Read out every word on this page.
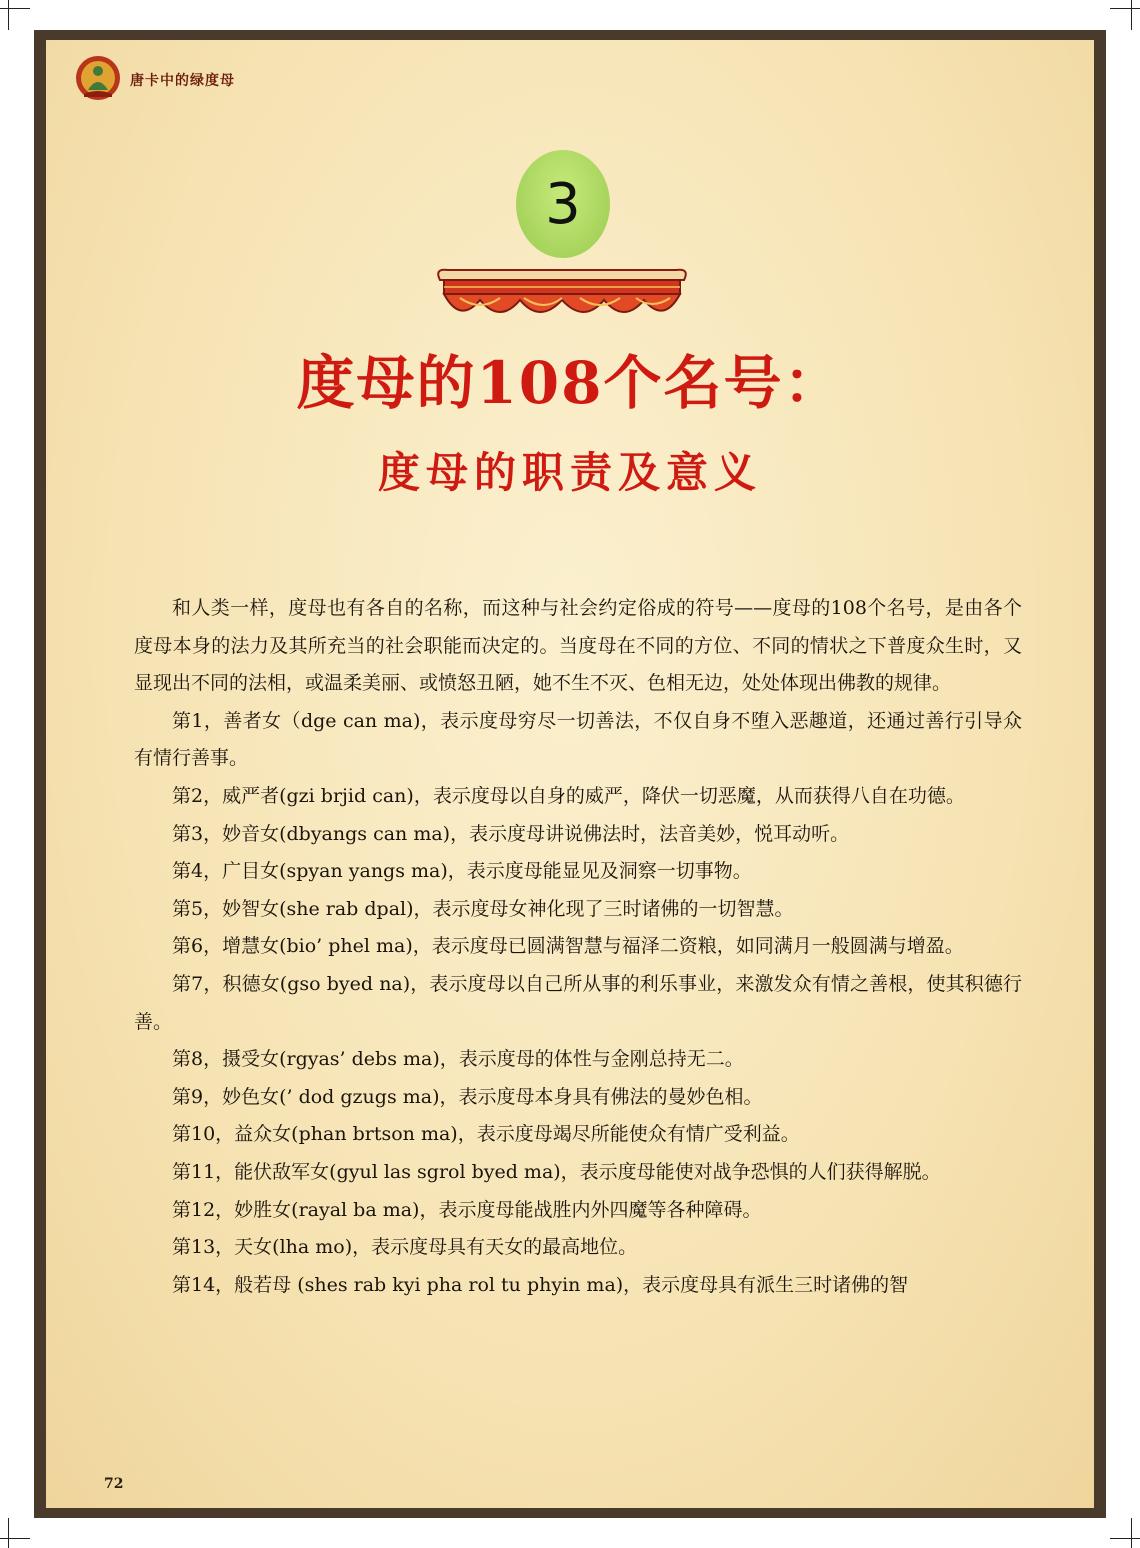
唐卡中的绿度母
3
度母的108个名号：
度母的职责及意义

和人类一样，度母也有各自的名称，而这种与社会约定俗成的符号——度母的108个名号，是由各个度母本身的法力及其所充当的社会职能而决定的。当度母在不同的方位、不同的情状之下普度众生时，又显现出不同的法相，或温柔美丽、或愤怒丑陋，她不生不灭、色相无边，处处体现出佛教的规律。

第1，善者女（dge can ma)，表示度母穷尽一切善法，不仅自身不堕入恶趣道，还通过善行引导众有情行善事。

第2，威严者(gzi brjid can)，表示度母以自身的威严，降伏一切恶魔，从而获得八自在功德。

第3，妙音女(dbyangs can ma)，表示度母讲说佛法时，法音美妙，悦耳动听。

第4，广目女(spyan yangs ma)，表示度母能显见及洞察一切事物。

第5，妙智女(she rab dpal)，表示度母女神化现了三时诸佛的一切智慧。

第6，增慧女(bio’ phel ma)，表示度母已圆满智慧与福泽二资粮，如同满月一般圆满与增盈。

第7，积德女(gso byed na)，表示度母以自己所从事的利乐事业，来激发众有情之善根，使其积德行善。

第8，摄受女(rgyas’ debs ma)，表示度母的体性与金刚总持无二。

第9，妙色女(’ dod gzugs ma)，表示度母本身具有佛法的曼妙色相。

第10，益众女(phan brtson ma)，表示度母竭尽所能使众有情广受利益。

第11，能伏敌军女(gyul las sgrol byed ma)，表示度母能使对战争恐惧的人们获得解脱。

第12，妙胜女(rayal ba ma)，表示度母能战胜内外四魔等各种障碍。

第13，天女(lha mo)，表示度母具有天女的最高地位。

第14，般若母 (shes rab kyi pha rol tu phyin ma)，表示度母具有派生三时诸佛的智

72
